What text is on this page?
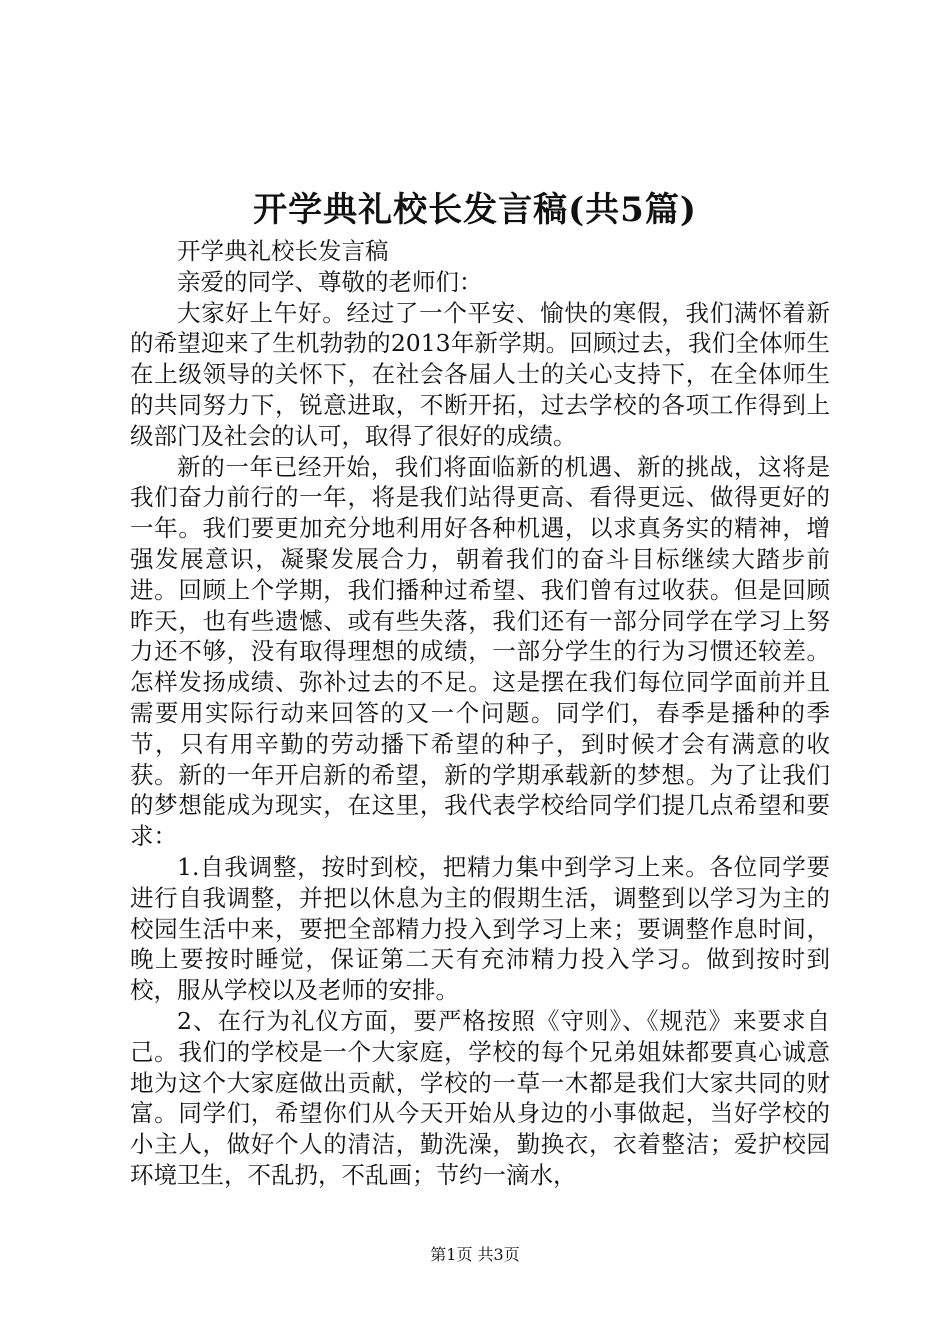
开学典礼校长发言稿(共5篇)

开学典礼校长发言稿

亲爱的同学、尊敬的老师们：

大家好上午好。经过了一个平安、愉快的寒假，我们满怀着新的希望迎来了生机勃勃的2013年新学期。回顾过去，我们全体师生在上级领导的关怀下，在社会各届人士的关心支持下，在全体师生的共同努力下，锐意进取，不断开拓，过去学校的各项工作得到上级部门及社会的认可，取得了很好的成绩。

新的一年已经开始，我们将面临新的机遇、新的挑战，这将是我们奋力前行的一年，将是我们站得更高、看得更远、做得更好的一年。我们要更加充分地利用好各种机遇，以求真务实的精神，增强发展意识，凝聚发展合力，朝着我们的奋斗目标继续大踏步前进。回顾上个学期，我们播种过希望、我们曾有过收获。但是回顾昨天，也有些遗憾、或有些失落，我们还有一部分同学在学习上努力还不够，没有取得理想的成绩，一部分学生的行为习惯还较差。怎样发扬成绩、弥补过去的不足。这是摆在我们每位同学面前并且需要用实际行动来回答的又一个问题。同学们，春季是播种的季节，只有用辛勤的劳动播下希望的种子，到时候才会有满意的收获。新的一年开启新的希望，新的学期承载新的梦想。为了让我们的梦想能成为现实，在这里，我代表学校给同学们提几点希望和要求：

1.自我调整，按时到校，把精力集中到学习上来。各位同学要进行自我调整，并把以休息为主的假期生活，调整到以学习为主的校园生活中来，要把全部精力投入到学习上来；要调整作息时间，晚上要按时睡觉，保证第二天有充沛精力投入学习。做到按时到校，服从学校以及老师的安排。

2、在行为礼仪方面，要严格按照《守则》、《规范》来要求自己。我们的学校是一个大家庭，学校的每个兄弟姐妹都要真心诚意地为这个大家庭做出贡献，学校的一草一木都是我们大家共同的财富。同学们，希望你们从今天开始从身边的小事做起，当好学校的小主人，做好个人的清洁，勤洗澡，勤换衣，衣着整洁；爱护校园环境卫生，不乱扔，不乱画；节约一滴水，

第1页 共3页
